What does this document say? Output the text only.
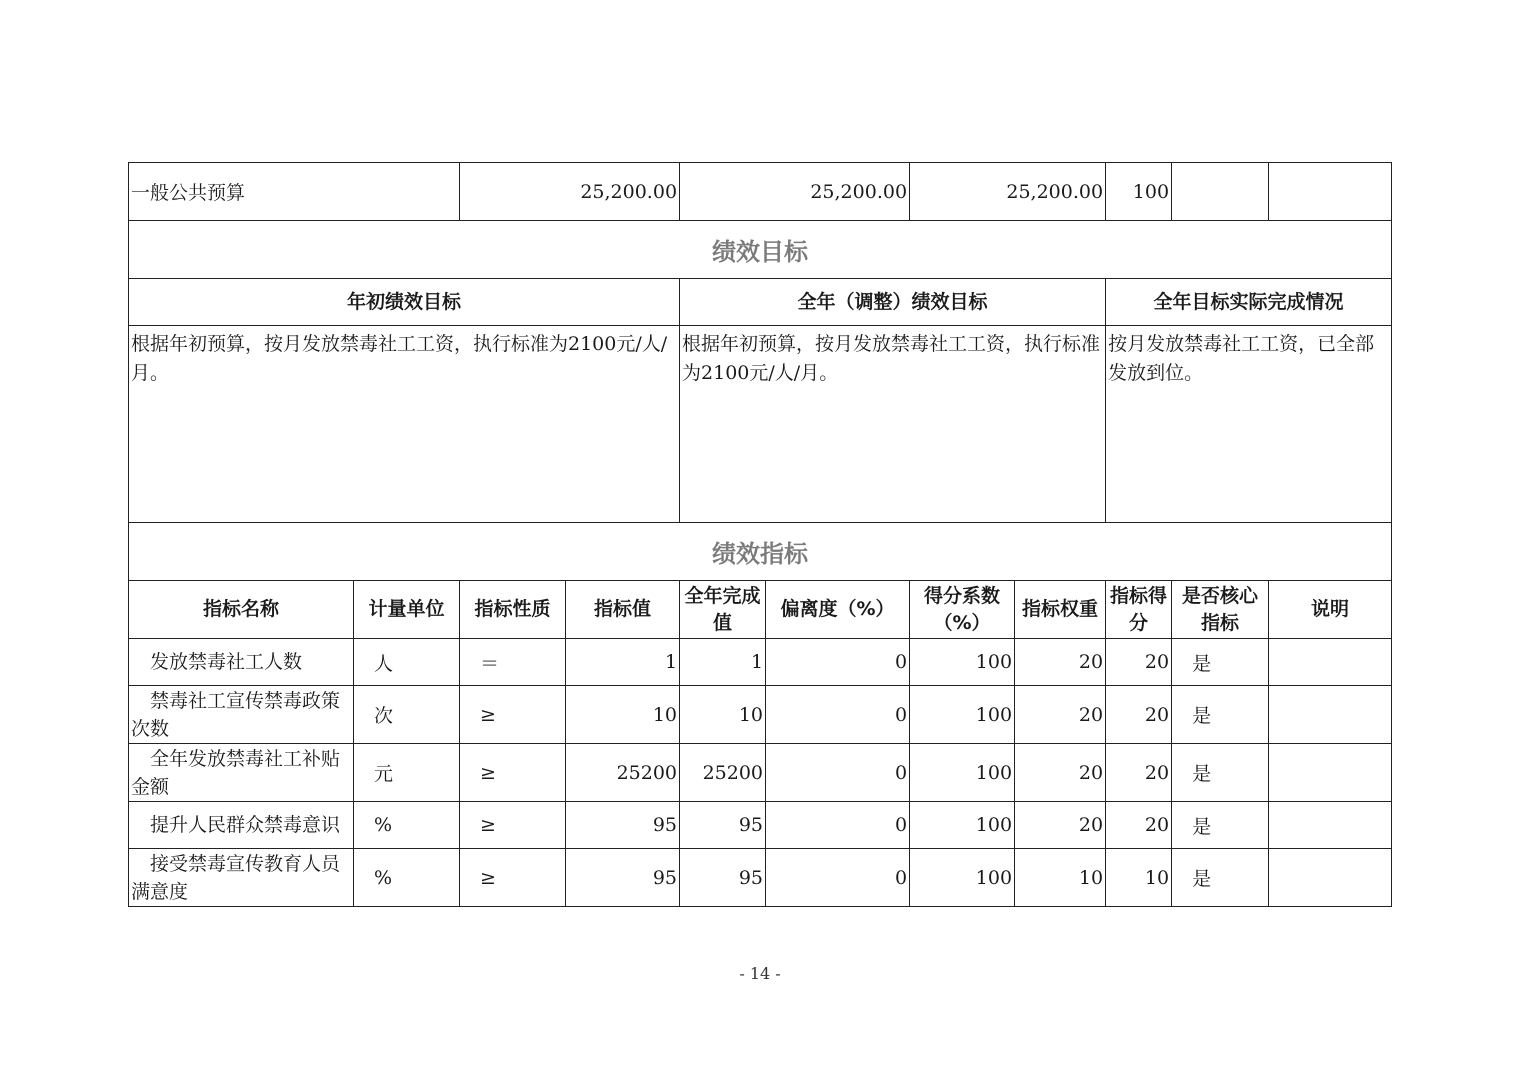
一般公共预算		25,200.00		25,200.00		25,200.00		100		
绩效目标										
年初绩效目标				全年（调整）绩效目标				全年目标实际完成情况		
根据年初预算，按月发放禁毒社工工资，执行标准为2100元/人/月。				根据年初预算，按月发放禁毒社工工资，执行标准为2100元/人/月。				按月发放禁毒社工工资，已全部发放到位。		
绩效指标										
指标名称	计量单位	指标性质	指标值	全年完成值	偏离度（%）	得分系数（%）	指标权重	指标得分	是否核心指标	说明
发放禁毒社工人数	人	＝	1	1	0	100	20	20	是	
禁毒社工宣传禁毒政策次数	次	≥	10	10	0	100	20	20	是	
全年发放禁毒社工补贴金额	元	≥	25200	25200	0	100	20	20	是	
提升人民群众禁毒意识	%	≥	95	95	0	100	20	20	是	
接受禁毒宣传教育人员满意度	%	≥	95	95	0	100	10	10	是	
- 14 -
